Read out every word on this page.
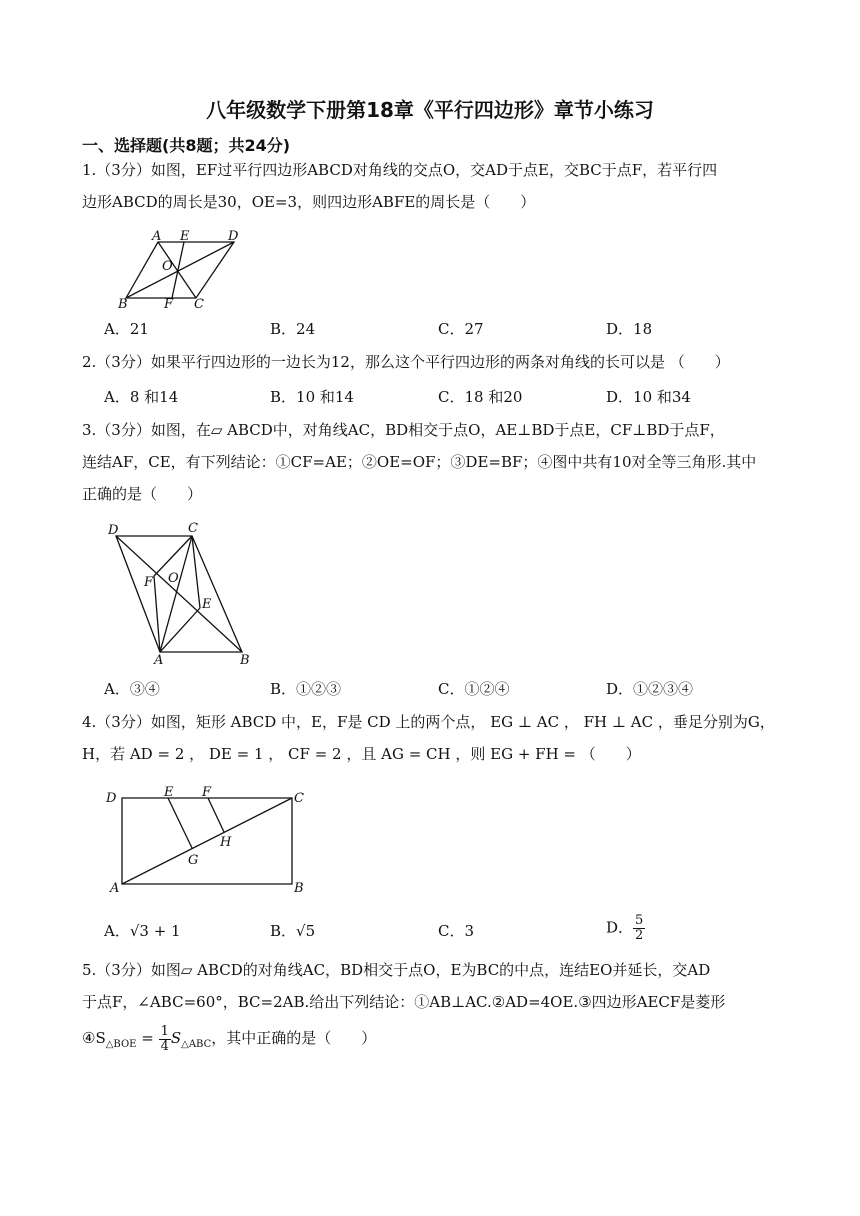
八年级数学下册第18章《平行四边形》章节小练习
一、选择题(共8题；共24分)
1.（3分）如图，EF过平行四边形ABCD对角线的交点O，交AD于点E，交BC于点F，若平行四
边形ABCD的周长是30，OE=3，则四边形ABFE的周长是（　　）
A E	D
O
B	F C
A．21	B．24	C．27	D．18
2.（3分）如果平行四边形的一边长为12，那么这个平行四边形的两条对角线的长可以是 （　　）
A．8 和14	B．10 和14	C．18 和20	D．10 和34
3.（3分）如图，在▱ ABCD中，对角线AC，BD相交于点O，AE⊥BD于点E，CF⊥BD于点F，
连结AF，CE，有下列结论：①CF=AE；②OE=OF；③DE=BF；④图中共有10对全等三角形.其中
正确的是（　　）
D	C
F O
E
A	B
A．③④	B．①②③	C．①②④	D．①②③④
4.（3分）如图，矩形 ABCD 中，E，F是 CD 上的两个点， EG ⊥ AC ， FH ⊥ AC ，垂足分别为G，
H，若 AD = 2 ， DE = 1 ， CF = 2 ，且 AG = CH ，则 EG + FH = （　　）
D	E F	C
H
G
A	B
A．√3 + 1	B．√5	C．3	D． $\frac{5}{2}$
5.（3分）如图▱ ABCD的对角线AC，BD相交于点O，E为BC的中点，连结EO并延长，交AD
于点F，∠ABC=60°，BC=2AB.给出下列结论：①AB⊥AC.②AD=4OE.③四边形AECF是菱形
$④S_{\triangle BOE} = \frac{1}{4} S_{\triangle ABC}$，其中正确的是（　　）
